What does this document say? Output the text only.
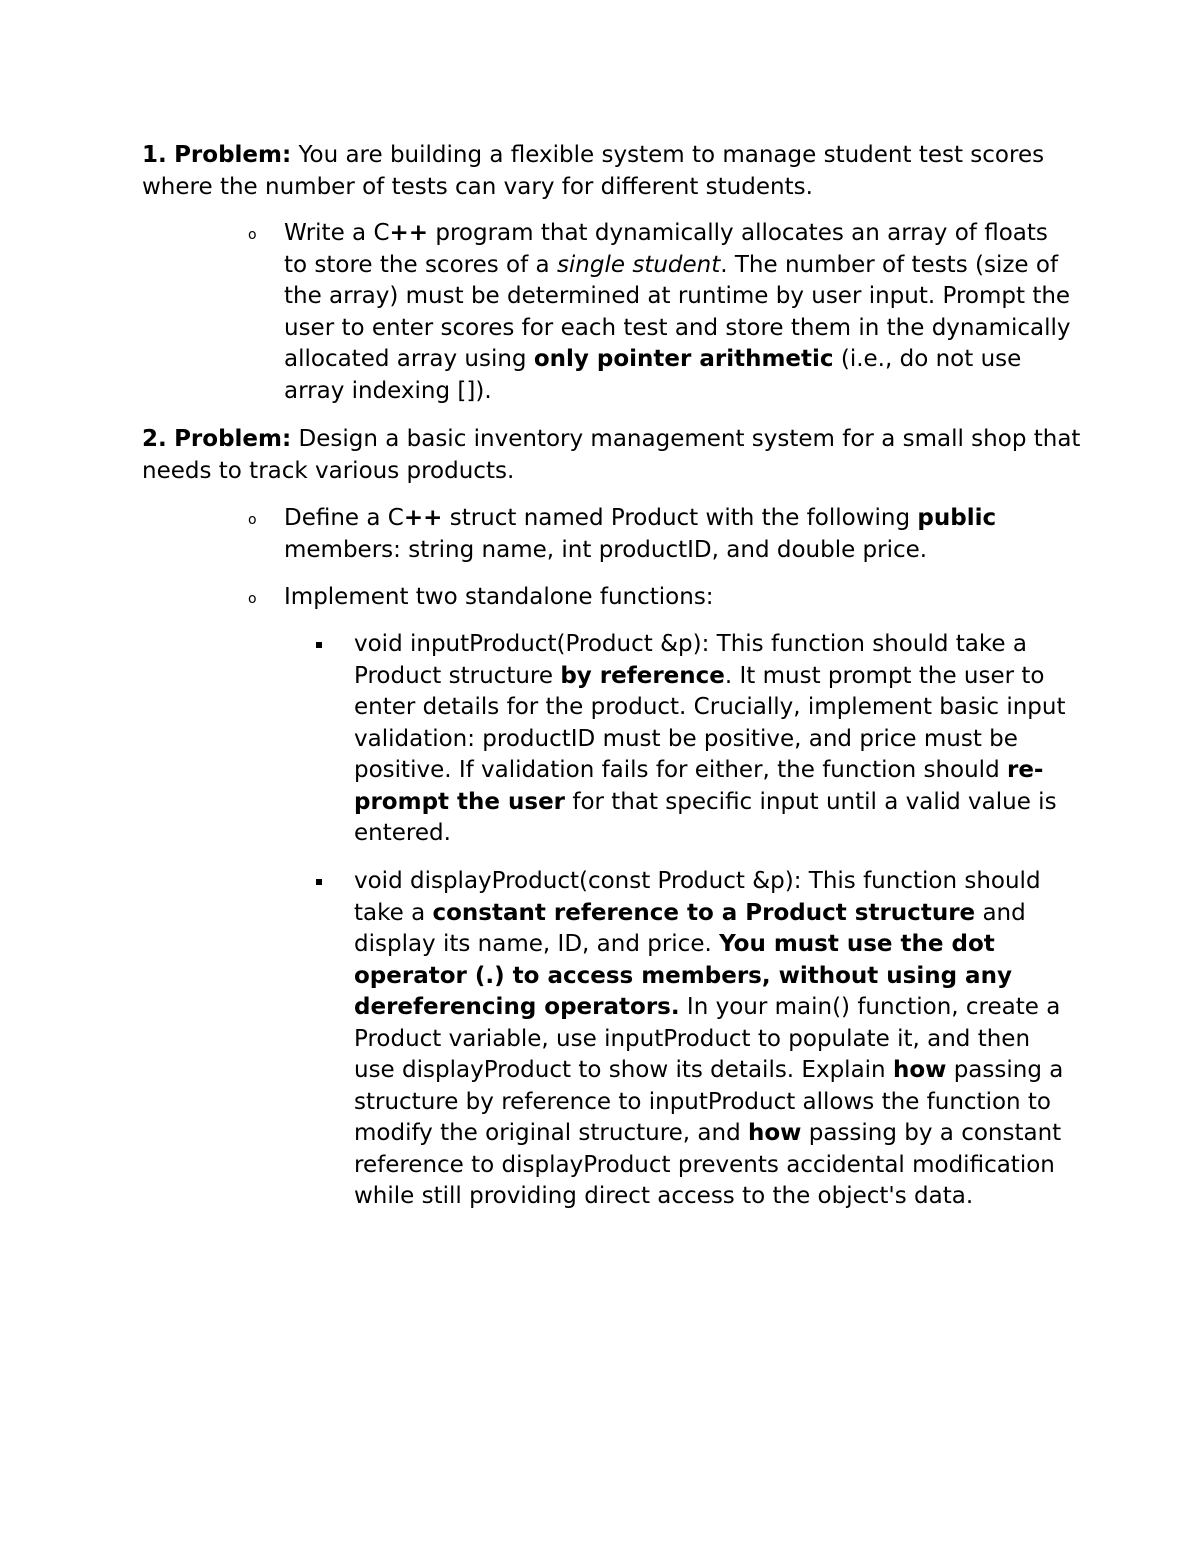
1. Problem: You are building a flexible system to manage student test scores where the number of tests can vary for different students.

o Write a C++ program that dynamically allocates an array of floats to store the scores of a single student. The number of tests (size of the array) must be determined at runtime by user input. Prompt the user to enter scores for each test and store them in the dynamically allocated array using only pointer arithmetic (i.e., do not use array indexing []).

2. Problem: Design a basic inventory management system for a small shop that needs to track various products.

o Define a C++ struct named Product with the following public members: string name, int productID, and double price.

o Implement two standalone functions:

void inputProduct(Product &p): This function should take a Product structure by reference. It must prompt the user to enter details for the product. Crucially, implement basic input validation: productID must be positive, and price must be positive. If validation fails for either, the function should re-prompt the user for that specific input until a valid value is entered.

void displayProduct(const Product &p): This function should take a constant reference to a Product structure and display its name, ID, and price. You must use the dot operator (.) to access members, without using any dereferencing operators. In your main() function, create a Product variable, use inputProduct to populate it, and then use displayProduct to show its details. Explain how passing a structure by reference to inputProduct allows the function to modify the original structure, and how passing by a constant reference to displayProduct prevents accidental modification while still providing direct access to the object's data.
